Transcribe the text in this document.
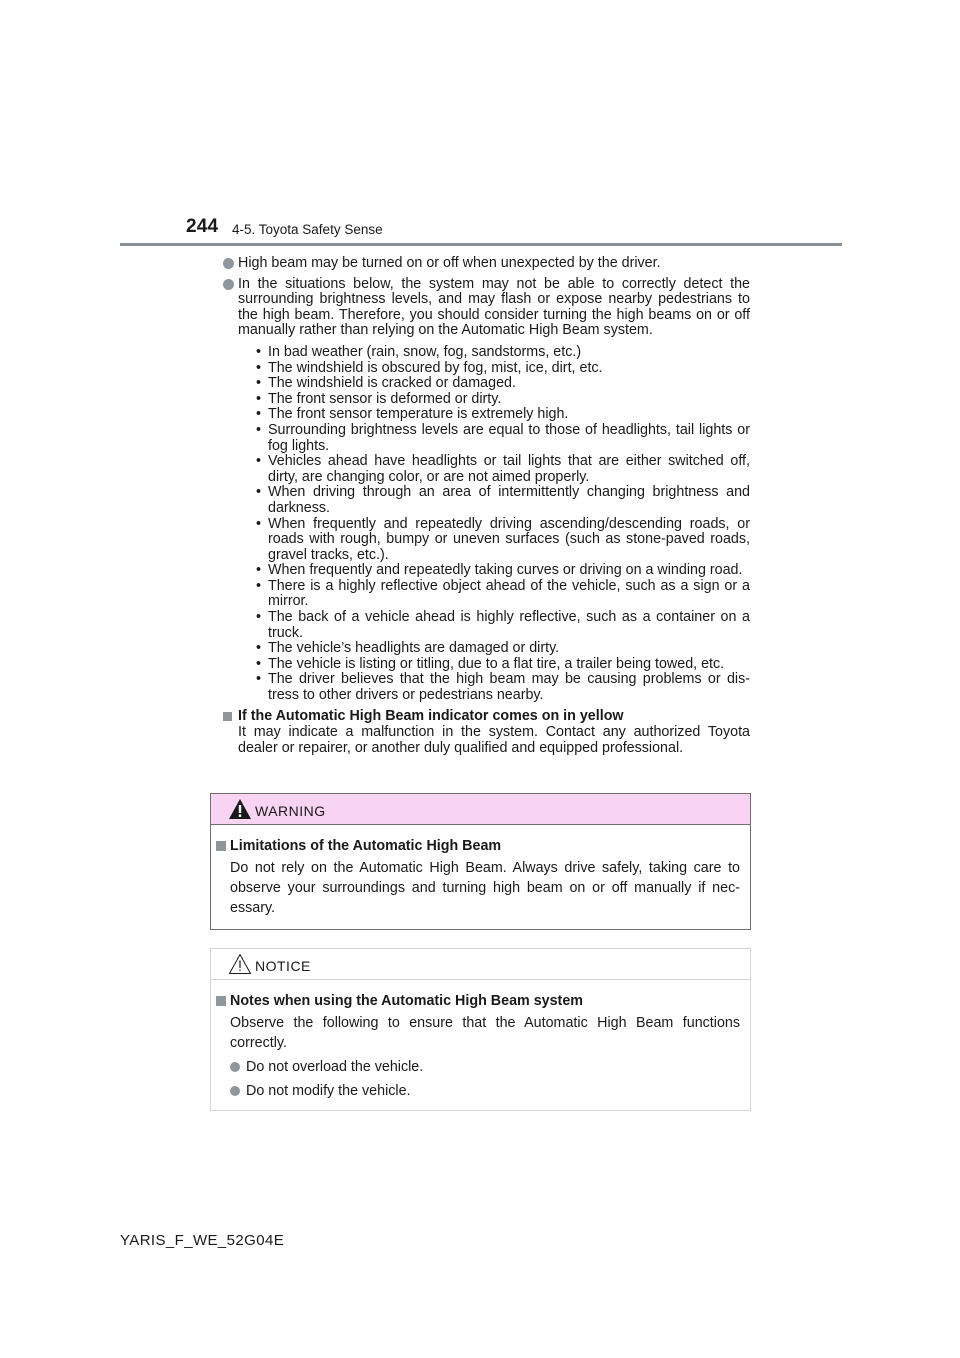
244 4-5. Toyota Safety Sense
High beam may be turned on or off when unexpected by the driver.
In the situations below, the system may not be able to correctly detect the surrounding brightness levels, and may flash or expose nearby pedestrians to the high beam. Therefore, you should consider turning the high beams on or off manually rather than relying on the Automatic High Beam system.
• In bad weather (rain, snow, fog, sandstorms, etc.)
• The windshield is obscured by fog, mist, ice, dirt, etc.
• The windshield is cracked or damaged.
• The front sensor is deformed or dirty.
• The front sensor temperature is extremely high.
• Surrounding brightness levels are equal to those of headlights, tail lights or fog lights.
• Vehicles ahead have headlights or tail lights that are either switched off, dirty, are changing color, or are not aimed properly.
• When driving through an area of intermittently changing brightness and darkness.
• When frequently and repeatedly driving ascending/descending roads, or roads with rough, bumpy or uneven surfaces (such as stone-paved roads, gravel tracks, etc.).
• When frequently and repeatedly taking curves or driving on a winding road.
• There is a highly reflective object ahead of the vehicle, such as a sign or a mirror.
• The back of a vehicle ahead is highly reflective, such as a container on a truck.
• The vehicle’s headlights are damaged or dirty.
• The vehicle is listing or titling, due to a flat tire, a trailer being towed, etc.
• The driver believes that the high beam may be causing problems or dis-tress to other drivers or pedestrians nearby.
If the Automatic High Beam indicator comes on in yellow
It may indicate a malfunction in the system. Contact any authorized Toyota dealer or repairer, or another duly qualified and equipped professional.
WARNING
Limitations of the Automatic High Beam
Do not rely on the Automatic High Beam. Always drive safely, taking care to observe your surroundings and turning high beam on or off manually if nec-essary.
NOTICE
Notes when using the Automatic High Beam system
Observe the following to ensure that the Automatic High Beam functions correctly.
Do not overload the vehicle.
Do not modify the vehicle.
YARIS_F_WE_52G04E
